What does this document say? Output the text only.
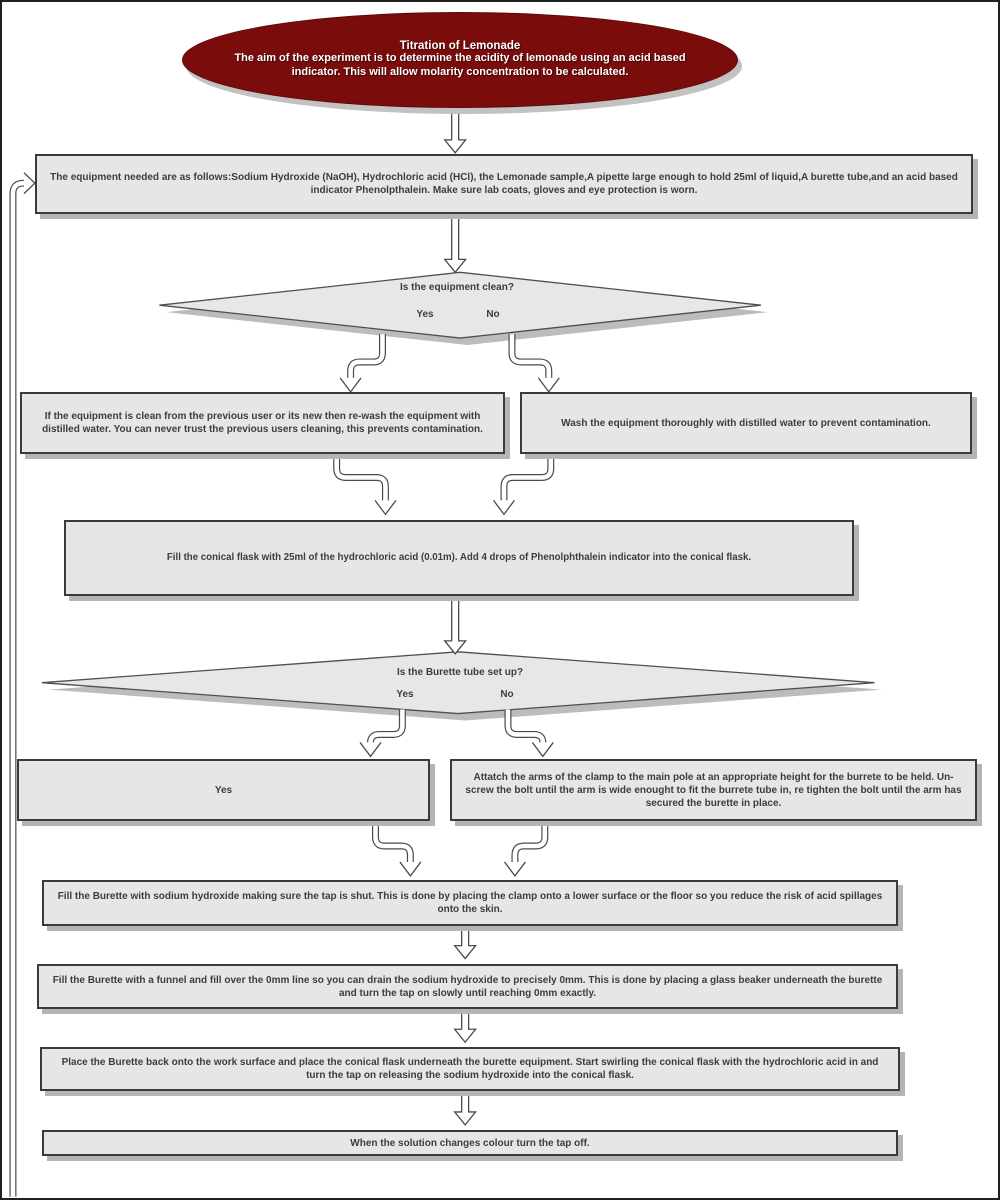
Titration of Lemonade
The aim of the experiment is to determine the acidity of lemonade using an acid based indicator. This will allow molarity concentration to be calculated.
The equipment needed are as follows:Sodium Hydroxide (NaOH), Hydrochloric acid (HCl), the Lemonade sample,A pipette large enough to hold 25ml of liquid,A burette tube,and an acid based indicator Phenolpthalein. Make sure lab coats, gloves and eye protection is worn.
If the equipment is clean from the previous user or its new then re-wash the equipment with distilled water. You can never trust the previous users cleaning, this prevents contamination.
Wash the equipment thoroughly with distilled water to prevent contamination.
Fill the conical flask with 25ml of the hydrochloric acid (0.01m). Add 4 drops of Phenolphthalein indicator into the conical flask.
Yes
Attatch the arms of the clamp to the main pole at an appropriate height for the burrete to be held. Un-screw the bolt until the arm is wide enought to fit the burrete tube in, re tighten the bolt until the arm has secured the burette in place.
Fill the Burette with sodium hydroxide making sure the tap is shut. This is done by placing the clamp onto a lower surface or the floor so you reduce the risk of acid spillages onto the skin.
Fill the Burette with a funnel and fill over the 0mm line so you can drain the sodium hydroxide to precisely 0mm. This is done by placing a glass beaker underneath the burette and turn the tap on slowly until reaching 0mm exactly.
Place the Burette back onto the work surface and place the conical flask underneath the burette equipment. Start swirling the conical flask with the hydrochloric acid in and turn the tap on releasing the sodium hydroxide into the conical flask.
When the solution changes colour turn the tap off.
Is the equipment clean?
Yes	No
Is the Burette tube set up?
Yes	No
